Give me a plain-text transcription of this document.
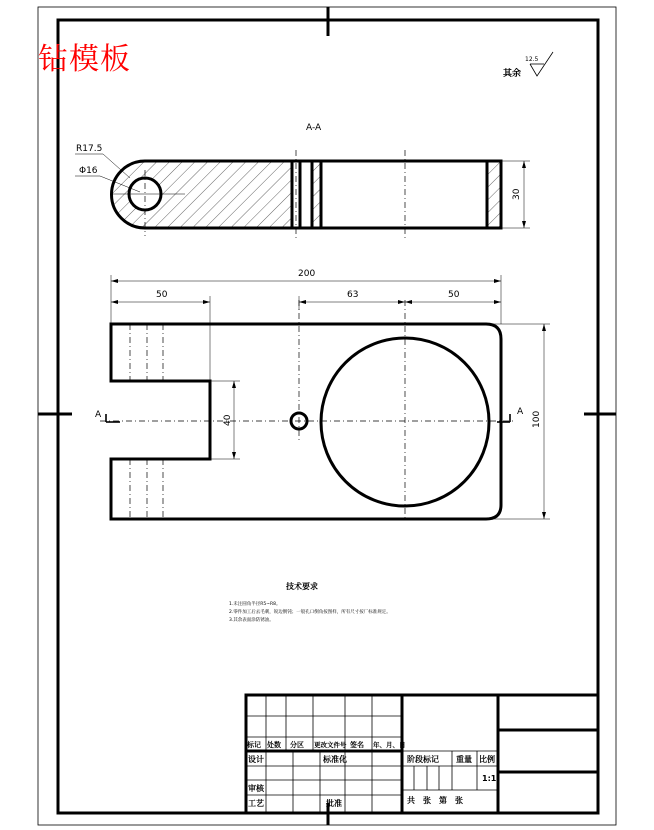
12.5
其余
A-A
R17.5
Φ16
30
A	A
200
50	63	50
40	100
技术要求
1.未注圆角半径R5~R8。
2.零件加工后去毛刺，锐边倒钝；一般孔口倒角按图样，所有尺寸按厂标准规定。
3.其余表面涂防锈油。
标记 处数 分区 更改文件号 签名 年、月、日
设计	标准化
审核
工艺	批准
阶段标记 重量 比例
1:1
共　张　第　张
钻模板
